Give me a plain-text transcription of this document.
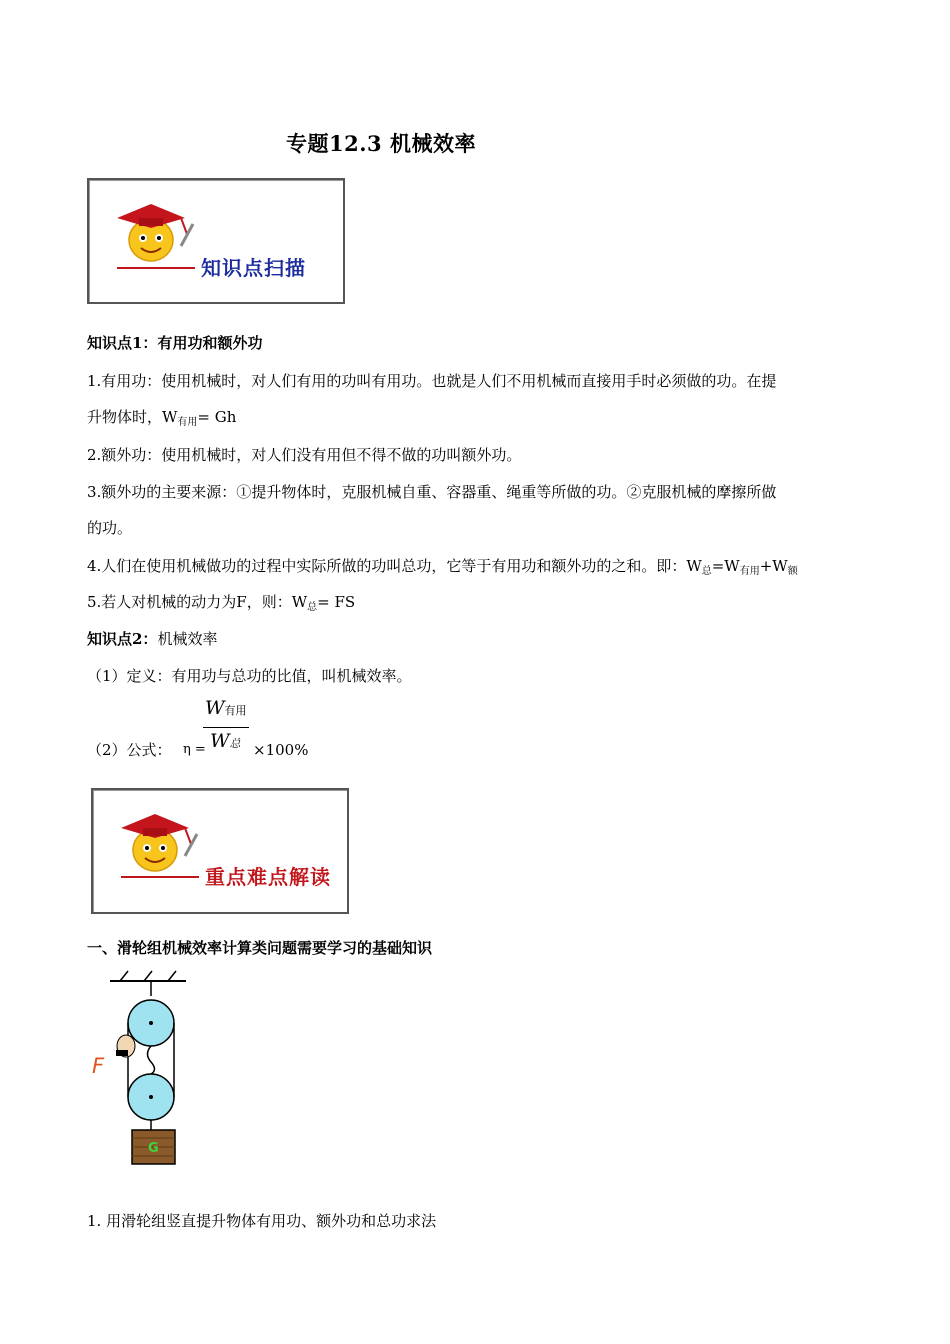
专题12.3 机械效率
知识点扫描
知识点1：有用功和额外功
1.有用功：使用机械时，对人们有用的功叫有用功。也就是人们不用机械而直接用手时必须做的功。在提
升物体时，$W_{有用}= Gh$
2.额外功：使用机械时，对人们没有用但不得不做的功叫额外功。
3.额外功的主要来源：①提升物体时，克服机械自重、容器重、绳重等所做的功。②克服机械的摩擦所做
的功。
4.人们在使用机械做功的过程中实际所做的功叫总功，它等于有用功和额外功的之和。即：$W_总=W_{有用}+W_额$
5.若人对机械的动力为F，则：$W_总=$ FS
知识点2：机械效率
（1）定义：有用功与总功的比值，叫机械效率。
W有用
（2）公式： η = W总 ×100%
重点难点解读
一、滑轮组机械效率计算类问题需要学习的基础知识
F
G
1. 用滑轮组竖直提升物体有用功、额外功和总功求法
